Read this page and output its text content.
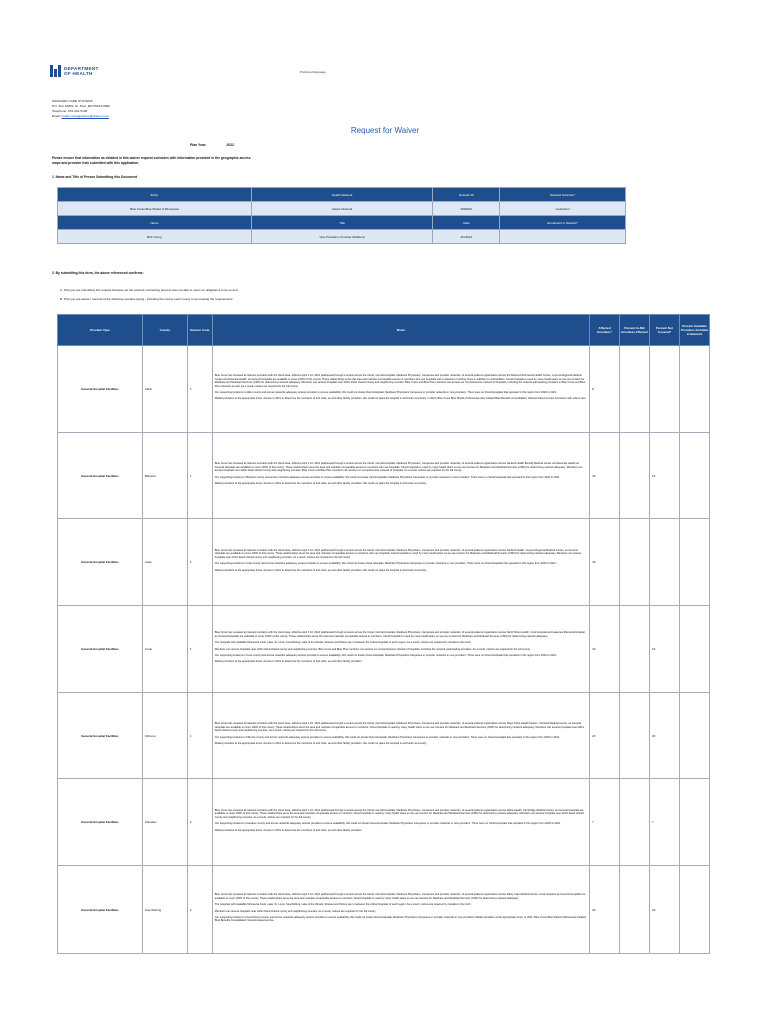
DEPARTMENT
OF HEALTH	Preferred language
MANAGED CARE SYSTEMS
P.O. Box 64882, St. Paul, MN 55164-0882
Telephone: 651-201-5100
Email: health.managedcare@state.mn.us
Request for Waiver
Plan Year:	2022
Please ensure that information as detailed in this waiver request coincides with information provided in the geographic access maps and provider lists submitted with this application.
1. Name and Title of Person Submitting this Document
Entity	Health Network	Network ID	Network Structure*
Blue Cross Blue Shield of Minnesota	Aware Network	0000021	<selection>
Name	Title	Date	Enrollment in Network*
Bob Young	Vice President, Provider Relations	4/1/2021	
2. By submitting this form, the above referenced confirms:
A. That you are submitting this request because we the network contracting process was not able to meet our obligations to do so and
B. That you are aware I need all of the following counties typing - including the county each county to as meeting the requirements.
Provider Type	County	Reason Code	Notes	Affected Enrollees*	Percent In-Ntk Enrollees Affected	Percent Not Covered*	Percent Available Providers Included in Network
General Hospital Facilities	Aitkin	1	Blue Cross has renewed all relevant contracts with the client base, effective April 1 10, 2021 (addressed through a review across the Cloud, Central Hospitals, Medicare Physicians, Campuses and provider networks, of several patients organization across the Brainerd Riverwood Health Center, Cuyuna Regional Medical Center and Essentia Health, as General Hospitals are available to cover 100% of this county. These relationships serve the area and maintain comparable access to members who use hospitals with a selection of visiting hours in addition to rural facilities. Cloud hospitals to need by many health plans so we use Centers for Medicare and Medicaid Services (CMS) for determining network adequacy. Members can access hospitals near within listed shared county and neighboring counties. Blue Cross and Blue Plus members can access our comprehensive network of hospitals, including the network participating providers in Blue Cross and Blue Plus networks as well. As a result, notices are required for the full county.

Our supporting locations in Aitkin county and across networks adequacy access provides to ensure availability. We could not locate Cloud Hospitals, Medicare Physicians Campuses or provider networks in new providers. There were no Cloud Hospitals that operated in this region from 2020 to 2021.

Market providers at the appropriate times. Access to 2021 to determine the members of and visits, as and other facility providers. We could not place the hospital is and local community. In 2021, Blue Cross Blue Shield of Minnesota also initiated Blue Benefits Consolidated, Network based service consistent with others care.	8			
General Hospital Facilities	Beltrami	1	Blue Cross has renewed all relevant contracts with the client base, effective April 1 10, 2021 (addressed through a review across the Cloud, Central Hospitals, Medicare Physicians, Campuses and provider networks, of several patients organization across Sanford Health Bemidji Medical Center and Essentia Health as General Hospitals are available to cover 100% of this county. These relationships serve the area and maintain comparable access to members who use hospitals. Cloud hospitals to need by many health plans so we use Centers for Medicare and Medicaid Services (CMS) for determining network adequacy. Members can access hospitals near within listed shared county and neighboring counties. Blue Cross and Blue Plus members can access our comprehensive network of hospitals. As a result, notices are required for the full county.

Our supporting locations in Beltrami county and across networks adequacy access provides to ensure availability. We could not locate Cloud Hospitals, Medicare Physicians Campuses or provider networks in new providers. There were no Cloud Hospitals that operated in this region from 2020 to 2021.

Market providers at the appropriate times. Access to 2021 to determine the members of and visits, as and other facility providers. We could not place the hospital is and local community.	19		19	
General Hospital Facilities	Cass	1	Blue Cross has renewed all relevant contracts with the client base, effective April 1 10, 2021 (addressed through a review across the Cloud, Central Hospitals, Medicare Physicians, Campuses and provider networks, of several patients organization across Sanford Health, Cuyuna Regional Medical Center, as General Hospitals are available to cover 100% of this county. These relationships serve the area and maintain comparable access to members who use hospitals. Cloud hospitals to need by many health plans so we use Centers for Medicare and Medicaid Services (CMS) for determining network adequacy. Members can access hospitals near within listed shared county and neighboring counties. As a result, notices are required for the full county.

Our supporting locations in Cass county and across networks adequacy access provides to ensure availability. We could not locate Cloud Hospitals, Medicare Physicians Campuses or provider networks in new providers. There were no Cloud Hospitals that operated in this region from 2020 to 2021.

Market providers at the appropriate times. Access to 2021 to determine the members of and visits, as and other facility providers. We could not place the hospital is and local community.	19			
General Hospital Facilities	Cook	1	Blue Cross has renewed all relevant contracts with the client base, effective April 1 10, 2021 (addressed through a review across the Cloud, Central Hospitals, Medicare Physicians, Campuses and provider networks, of several patients organization across North Shore Health, Cook Hospital and Lakeview Memorial Hospital, as General Hospitals are available to cover 100% of this county. These relationships serve the area and maintain comparable access to members. Cloud hospitals to need by many health plans so we use Centers for Medicare and Medicaid Services (CMS) for determining network adequacy.

The hospitals with available Minnesota Cook, Lake, St. Louis, Koochiching, Lake of the Woods, Roseau and Kittson are in between the critical hospitals of each region. As a result, notices are required by Canada to the north.

Members can access hospitals near within listed shared county and neighboring counties. Blue Cross and Blue Plus members can access our comprehensive network of hospitals, including the network participating providers. As a result, notices are required for the full county.

Our supporting locations in Cook county and across networks adequacy access provides to ensure availability. We could not locate Cloud Hospitals, Medicare Physicians Campuses or provider networks in new providers. There were no Cloud Hospitals that operated in this region from 2020 to 2021.

Market providers at the appropriate times. Access to 2021 to determine the members of and visits, as and other facility providers.	19		19	
General Hospital Facilities	Fillmore	1	Blue Cross has renewed all relevant contracts with the client base, effective April 1 10, 2021 (addressed through a review across the Cloud, Central Hospitals, Medicare Physicians, Campuses and provider networks, of several patients organization across Mayo Clinic Health System, Olmsted Medical Center, as General Hospitals are available to cover 100% of this county. These relationships serve the area and maintain comparable access to members. Cloud hospitals to need by many health plans so we use Centers for Medicare and Medicaid Services (CMS) for determining network adequacy. Members can access hospitals near within listed shared county and neighboring counties. As a result, notices are required for the full county.

Our supporting locations in Fillmore county and across networks adequacy access provides to ensure availability. We could not locate Cloud Hospitals, Medicare Physicians Campuses or provider networks in new providers. There were no Cloud Hospitals that operated in this region from 2020 to 2021.

Market providers at the appropriate times. Access to 2021 to determine the members of and visits, as and other facility providers. We could not place the hospital is and local community.	20		20	
General Hospital Facilities	Kanabec	1	Blue Cross has renewed all relevant contracts with the client base, effective April 1 10, 2021 (addressed through a review across the Cloud, Central Hospitals, Medicare Physicians, Campuses and provider networks, of several patients organization across Welia Health, Cambridge Medical Center, as General Hospitals are available to cover 100% of this county. These relationships serve the area and maintain comparable access to members. Cloud hospitals to need by many health plans so we use Centers for Medicare and Medicaid Services (CMS) for determining network adequacy. Members can access hospitals near within listed shared county and neighboring counties. As a result, notices are required for the full county.

Our supporting locations in Kanabec county and across networks adequacy access provides to ensure availability. We could not locate Cloud Hospitals, Medicare Physicians Campuses or provider networks in new providers. There were no Cloud Hospitals that operated in this region from 2020 to 2021.

Market providers at the appropriate times. Access to 2021 to determine the members of and visits, as and other facility providers.	7		7	
General Hospital Facilities	Koochiching	1	Blue Cross has renewed all relevant contracts with the client base, effective April 1 10, 2021 (addressed through a review across the Cloud, Central Hospitals, Medicare Physicians, Campuses and provider networks, of several patients organization across Rainy Lake Medical Center, Cook Hospital, as General Hospitals are available to cover 100% of this county. These relationships serve the area and maintain comparable access to members. Cloud hospitals to need by many health plans so we use Centers for Medicare and Medicaid Services (CMS) for determining network adequacy.

The hospitals with available Minnesota Cook, Lake, St. Louis, Koochiching, Lake of the Woods, Roseau and Kittson are in between the critical hospitals of each region. As a result, notices are required by Canada to the north.

Members can access hospitals near within listed shared county and neighboring counties. As a result, notices are required for the full county.

Our supporting locations in Koochiching county and across networks adequacy access provides to ensure availability. We could not locate Cloud Hospitals, Medicare Physicians Campuses or provider networks in new providers. Market providers at the appropriate times. In 2021, Blue Cross Blue Shield of Minnesota initiated Blue Benefits Consolidated, Network based service.	23		23	
